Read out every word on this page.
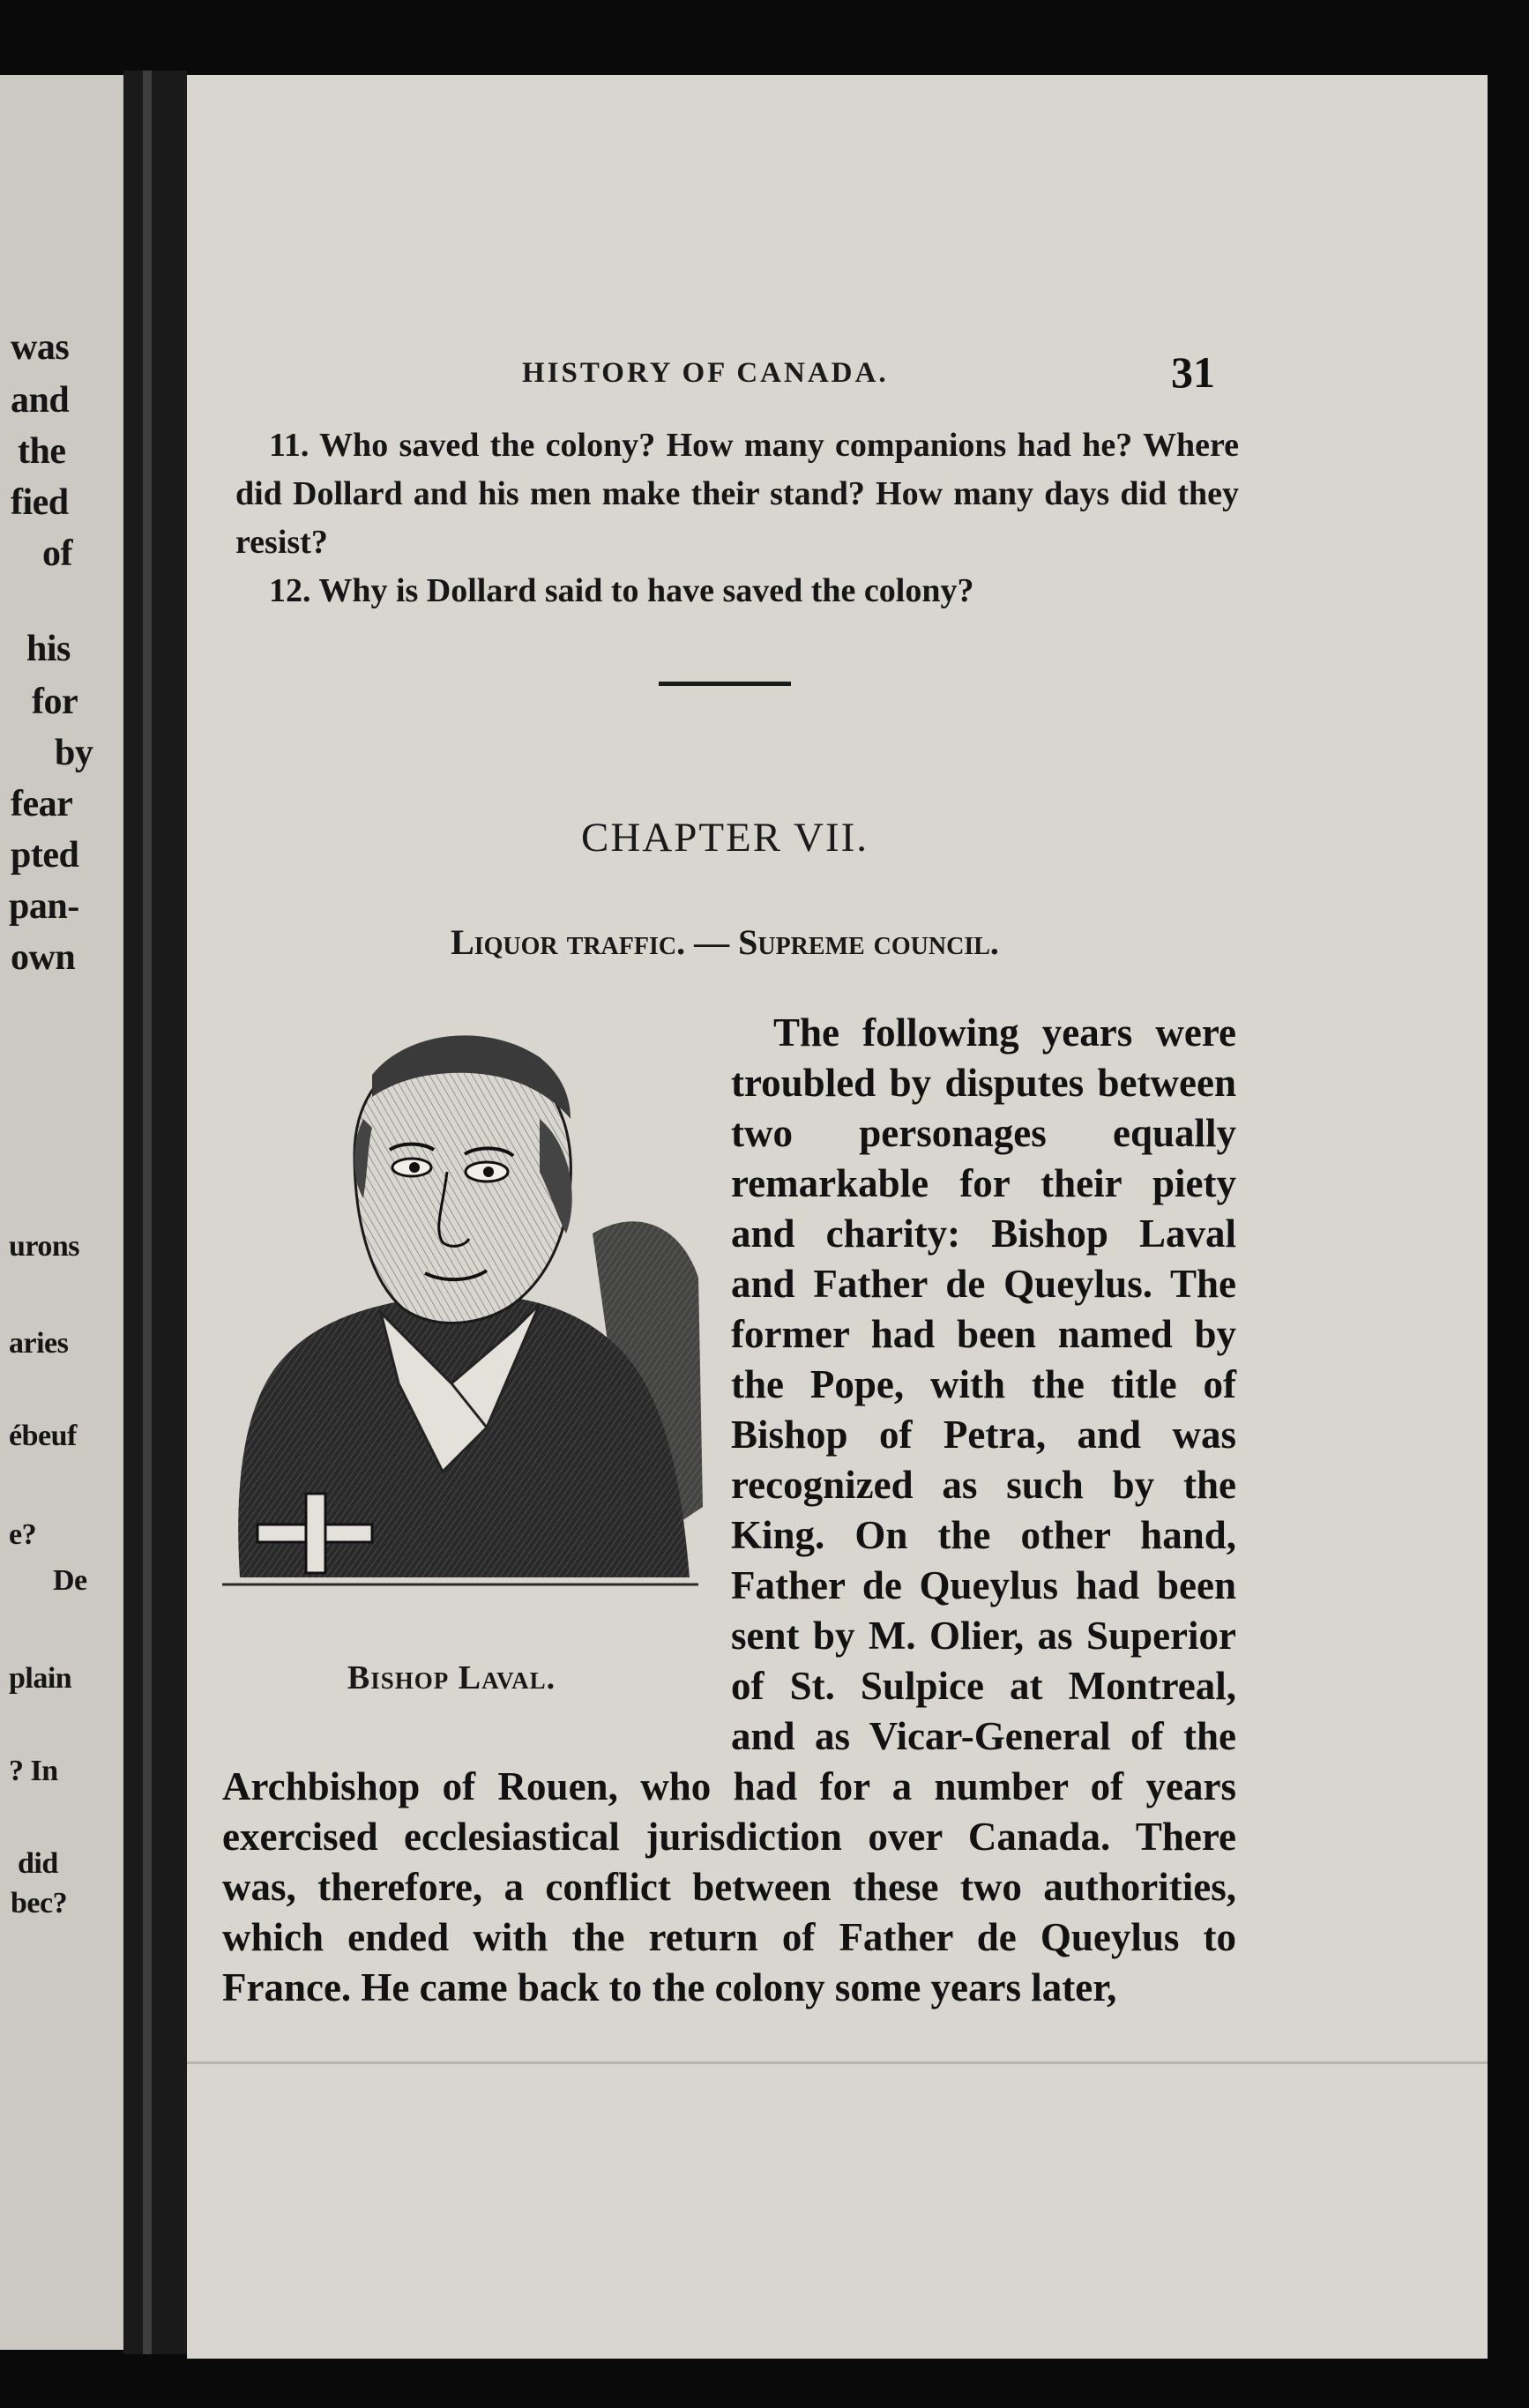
was
and
the
fied
of
his
for
by
fear
pted
pan-
own
urons
aries
ébeuf
e?
De
plain
? In
did
bec?
HISTORY OF CANADA.	31

11. Who saved the colony? How many companions had he? Where did Dollard and his men make their stand? How many days did they resist?

12. Why is Dollard said to have saved the colony?

CHAPTER VII.
Liquor traffic. — Supreme council.
Bishop Laval.

The following years were troubled by disputes between two personages equally remarkable for their piety and charity: Bishop Laval and Father de Queylus. The former had been named by the Pope, with the title of Bishop of Petra, and was recognized as such by the King. On the other hand, Father de Queylus had been sent by M. Olier, as Superior of St. Sulpice at Montreal, and as Vicar-General of the Archbishop of Rouen, who had for a number of years exercised ecclesiastical jurisdiction over Canada. There was, therefore, a conflict between these two authorities, which ended with the return of Father de Queylus to France. He came back to the colony some years later,
